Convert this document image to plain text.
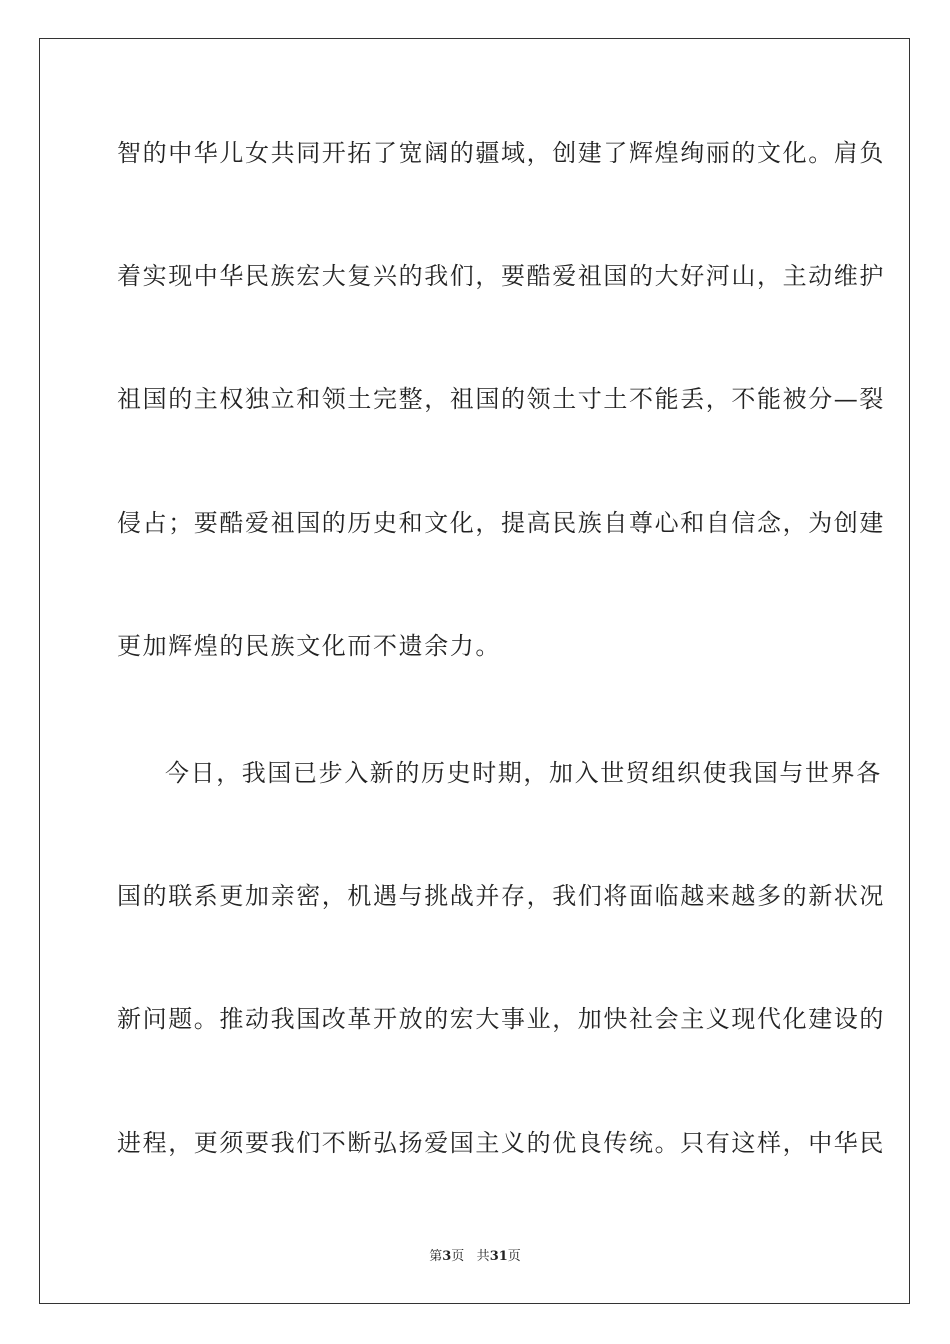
智的中华儿女共同开拓了宽阔的疆域，创建了辉煌绚丽的文化。肩负
着实现中华民族宏大复兴的我们，要酷爱祖国的大好河山，主动维护
祖国的主权独立和领土完整，祖国的领土寸土不能丢，不能被分—裂
侵占；要酷爱祖国的历史和文化，提高民族自尊心和自信念，为创建
更加辉煌的民族文化而不遗余力。
今日，我国已步入新的历史时期，加入世贸组织使我国与世界各
国的联系更加亲密，机遇与挑战并存，我们将面临越来越多的新状况
新问题。推动我国改革开放的宏大事业，加快社会主义现代化建设的
进程，更须要我们不断弘扬爱国主义的优良传统。只有这样，中华民
第3页 共31页
